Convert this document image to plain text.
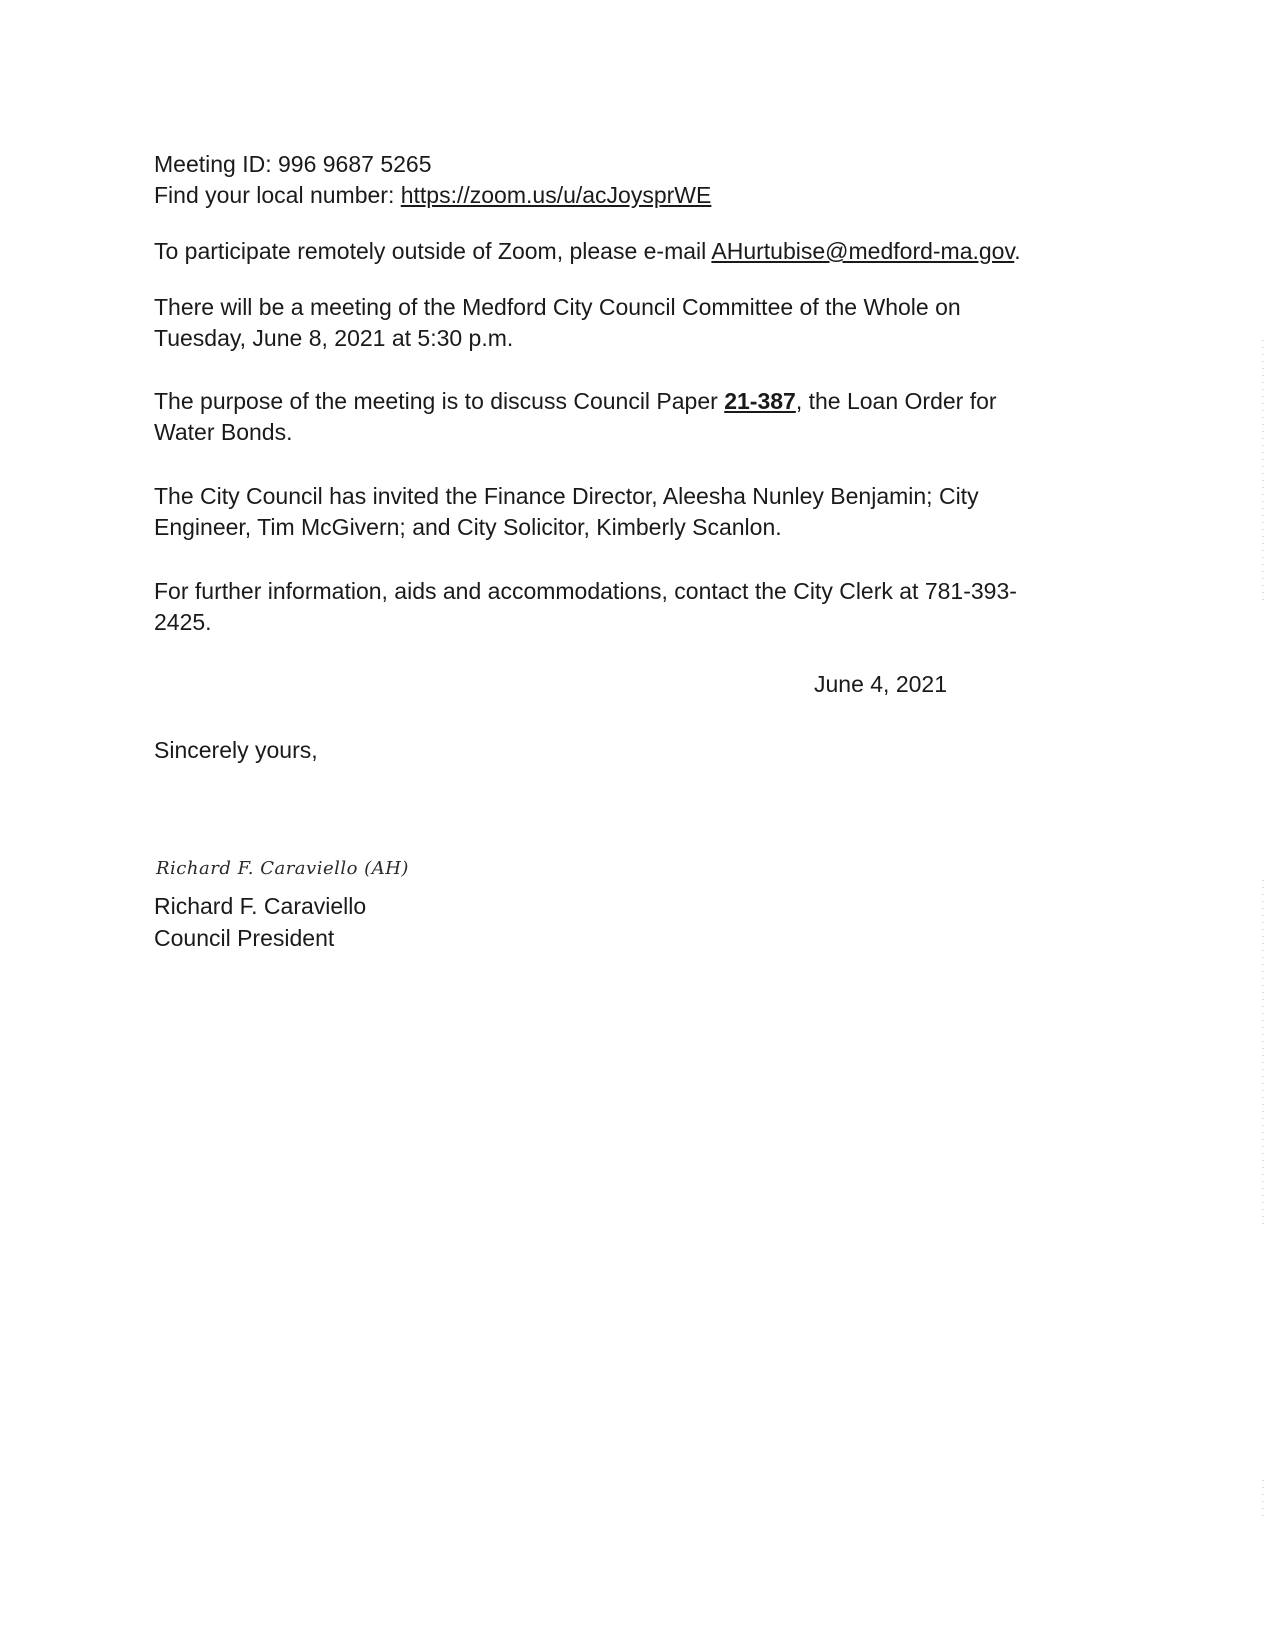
Meeting ID: 996 9687 5265
Find your local number: https://zoom.us/u/acJoysprWE
To participate remotely outside of Zoom, please e-mail AHurtubise@medford-ma.gov.
There will be a meeting of the Medford City Council Committee of the Whole on
Tuesday, June 8, 2021 at 5:30 p.m.
The purpose of the meeting is to discuss Council Paper 21-387, the Loan Order for
Water Bonds.
The City Council has invited the Finance Director, Aleesha Nunley Benjamin; City
Engineer, Tim McGivern; and City Solicitor, Kimberly Scanlon.
For further information, aids and accommodations, contact the City Clerk at 781-393-
2425.
June 4, 2021
Sincerely yours,
Richard F. Caraviello (AH)
Richard F. Caraviello
Council President
